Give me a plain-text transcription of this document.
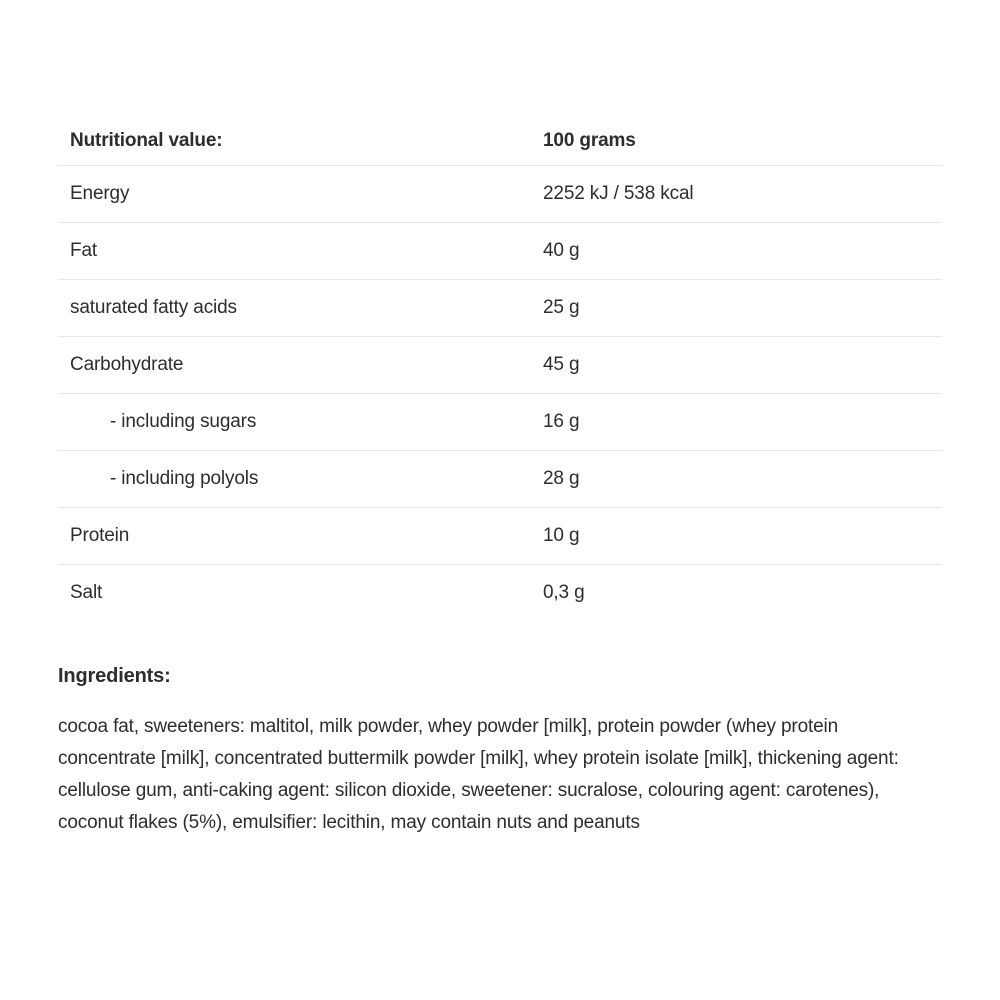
Nutritional value:	100 grams
Energy	2252 kJ / 538 kcal
Fat	40 g
saturated fatty acids	25 g
Carbohydrate	45 g
- including sugars	16 g
- including polyols	28 g
Protein	10 g
Salt	0,3 g
Ingredients:

cocoa fat, sweeteners: maltitol, milk powder, whey powder [milk], protein powder (whey protein concentrate [milk], concentrated buttermilk powder [milk], whey protein isolate [milk], thickening agent: cellulose gum, anti-caking agent: silicon dioxide, sweetener: sucralose, colouring agent: carotenes), coconut flakes (5%), emulsifier: lecithin, may contain nuts and peanuts
